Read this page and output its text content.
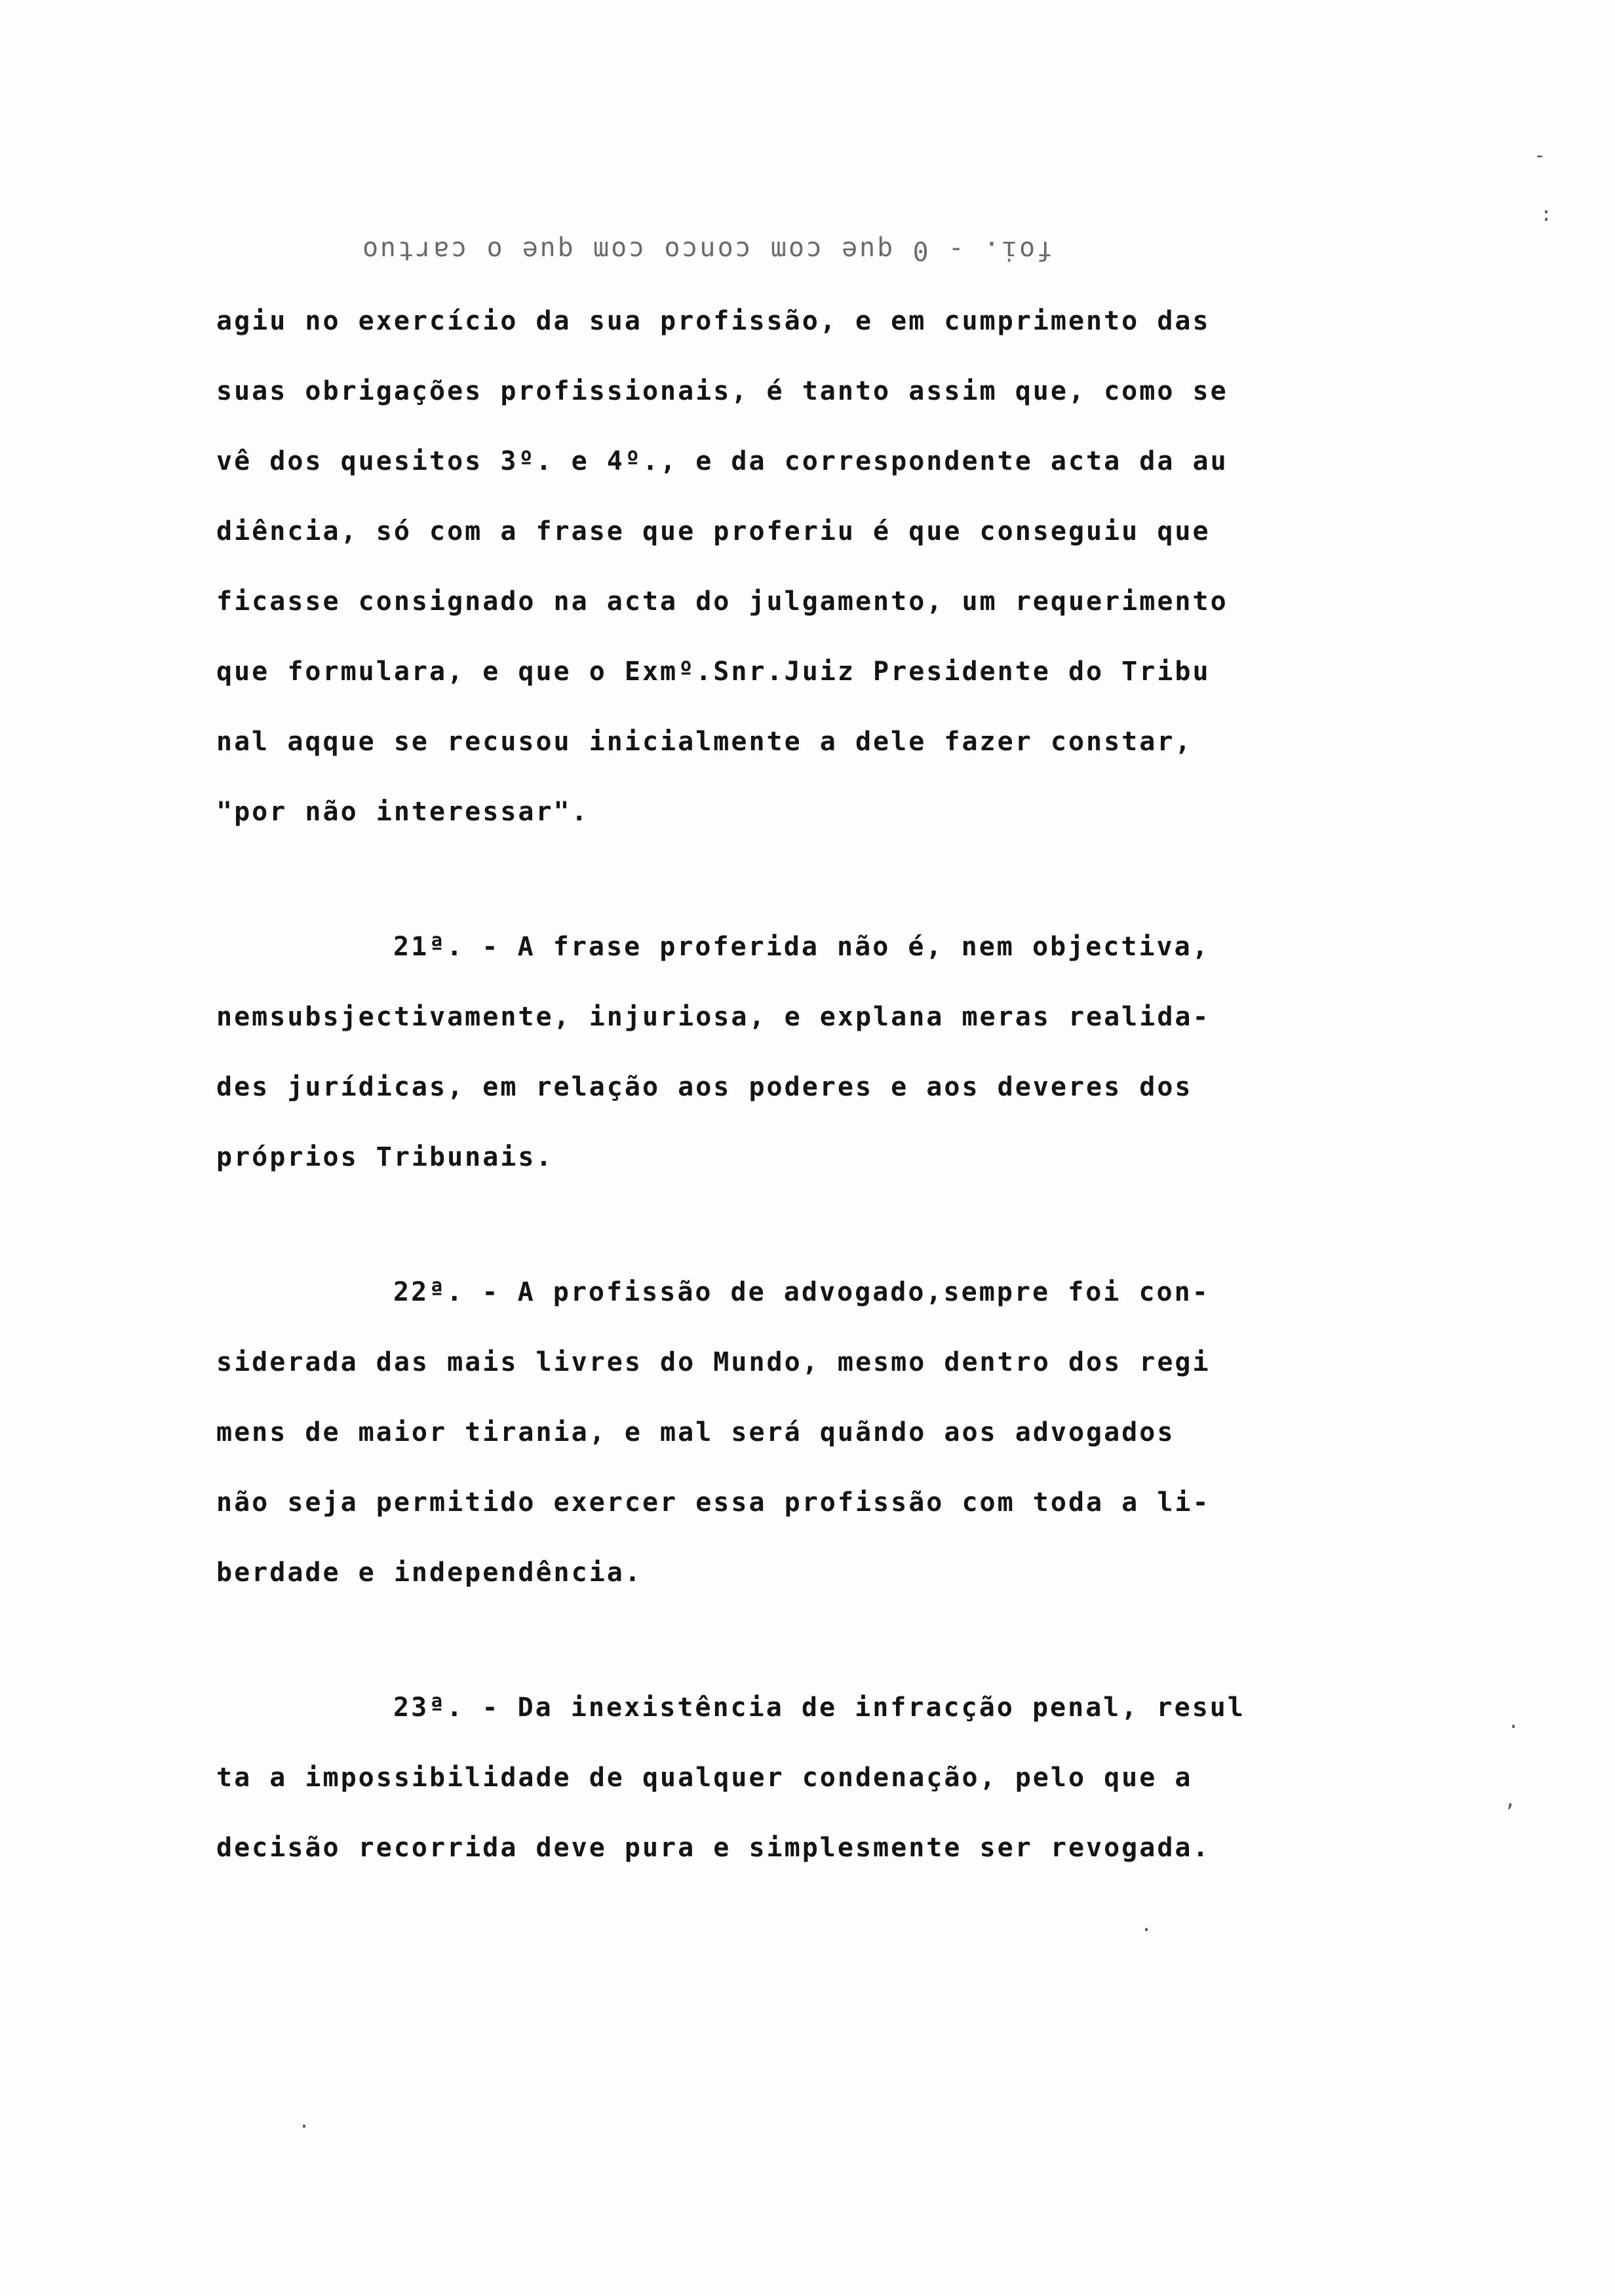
foi. - 0 que com conco com que o cartuo
agiu no exercício da sua profissão, e em cumprimento das
suas obrigações profissionais, é tanto assim que, como se
vê dos quesitos 3º. e 4º., e da correspondente acta da au
diência, só com a frase que proferiu é que conseguiu que
ficasse consignado na acta do julgamento, um requerimento
que formulara, e que o Exmº.Snr.Juiz Presidente do Tribu
nal aqque se recusou inicialmente a dele fazer constar,
"por não interessar".
21ª. - A frase proferida não é, nem objectiva,
nemsubsjectivamente, injuriosa, e explana meras realida-
des jurídicas, em relação aos poderes e aos deveres dos
próprios Tribunais.
22ª. - A profissão de advogado,sempre foi con-
siderada das mais livres do Mundo, mesmo dentro dos regi
mens de maior tirania, e mal será quãndo aos advogados
não seja permitido exercer essa profissão com toda a li-
berdade e independência.
23ª. - Da inexistência de infracção penal, resul
ta a impossibilidade de qualquer condenação, pelo que a
decisão recorrida deve pura e simplesmente ser revogada.
-
:
.
,
.
.
